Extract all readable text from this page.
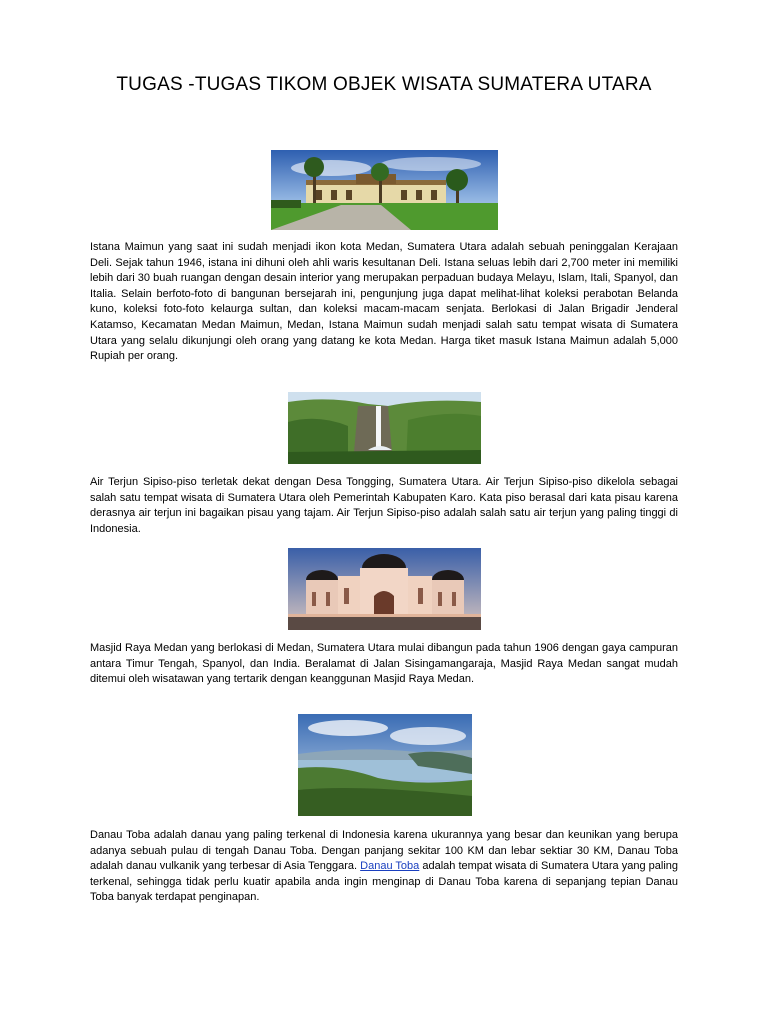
TUGAS -TUGAS TIKOM OBJEK WISATA SUMATERA UTARA
Istana Maimun yang saat ini sudah menjadi ikon kota Medan, Sumatera Utara adalah sebuah peninggalan Kerajaan Deli. Sejak tahun 1946, istana ini dihuni oleh ahli waris kesultanan Deli. Istana seluas lebih dari 2,700 meter ini memiliki lebih dari 30 buah ruangan dengan desain interior yang merupakan perpaduan budaya Melayu, Islam, Itali, Spanyol, dan Italia. Selain berfoto-foto di bangunan bersejarah ini, pengunjung juga dapat melihat-lihat koleksi perabotan Belanda kuno, koleksi foto-foto kelaurga sultan, dan koleksi macam-macam senjata. Berlokasi di Jalan Brigadir Jenderal Katamso, Kecamatan Medan Maimun, Medan, Istana Maimun sudah menjadi salah satu tempat wisata di Sumatera Utara yang selalu dikunjungi oleh orang yang datang ke kota Medan. Harga tiket masuk Istana Maimun adalah 5,000 Rupiah per orang.
Air Terjun Sipiso-piso terletak dekat dengan Desa Tongging, Sumatera Utara. Air Terjun Sipiso-piso dikelola sebagai salah satu tempat wisata di Sumatera Utara oleh Pemerintah Kabupaten Karo. Kata piso berasal dari kata pisau karena derasnya air terjun ini bagaikan pisau yang tajam. Air Terjun Sipiso-piso adalah salah satu air terjun yang paling tinggi di Indonesia.
Masjid Raya Medan yang berlokasi di Medan, Sumatera Utara mulai dibangun pada tahun 1906 dengan gaya campuran antara Timur Tengah, Spanyol, dan India. Beralamat di Jalan Sisingamangaraja, Masjid Raya Medan sangat mudah ditemui oleh wisatawan yang tertarik dengan keanggunan Masjid Raya Medan.
Danau Toba adalah danau yang paling terkenal di Indonesia karena ukurannya yang besar dan keunikan yang berupa adanya sebuah pulau di tengah Danau Toba. Dengan panjang sekitar 100 KM dan lebar sektiar 30 KM, Danau Toba adalah danau vulkanik yang terbesar di Asia Tenggara. Danau Toba adalah tempat wisata di Sumatera Utara yang paling terkenal, sehingga tidak perlu kuatir apabila anda ingin menginap di Danau Toba karena di sepanjang tepian Danau Toba banyak terdapat penginapan.
